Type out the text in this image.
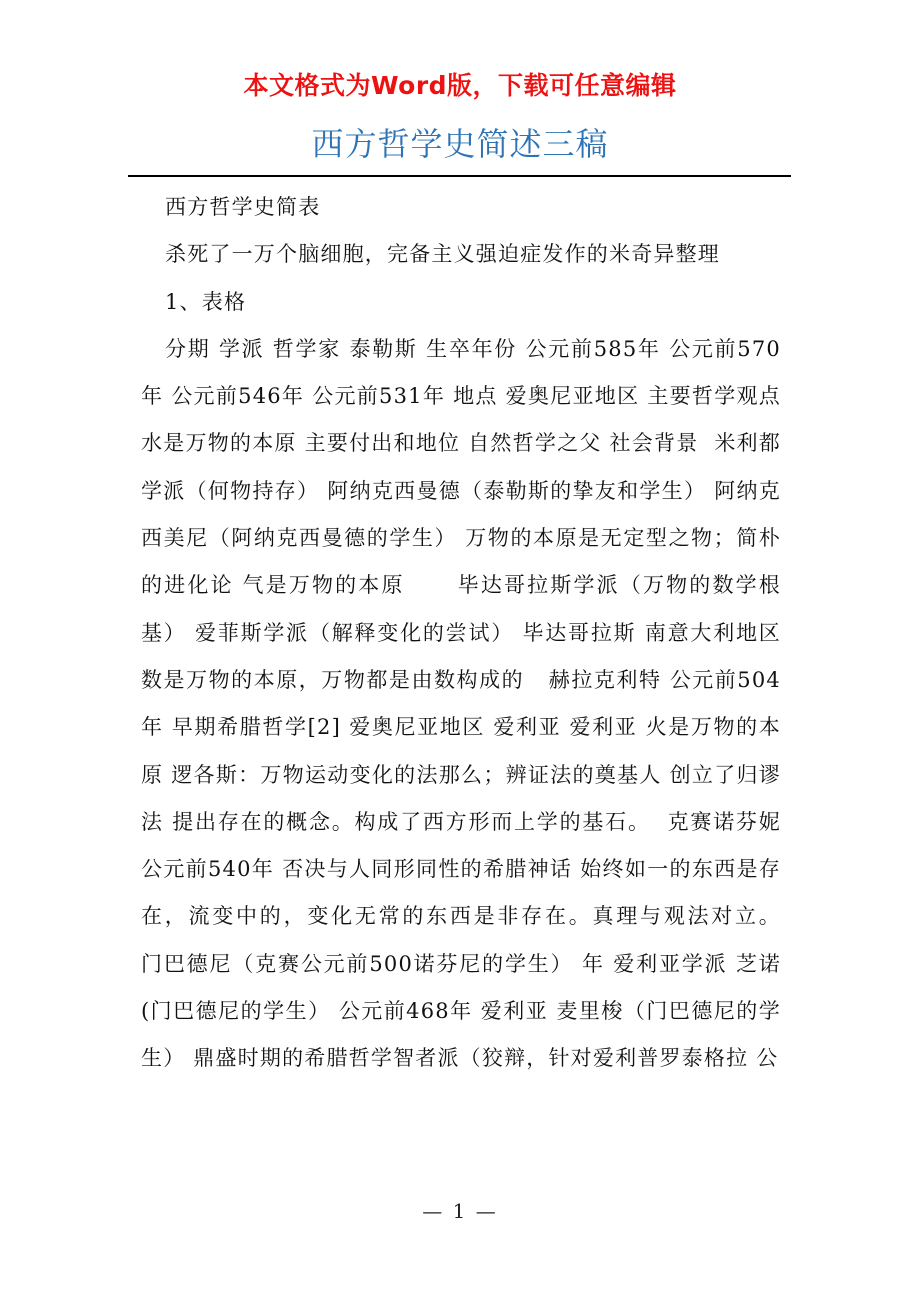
本文格式为Word版，下载可任意编辑
西方哲学史简述三稿

西方哲学史简表

杀死了一万个脑细胞，完备主义强迫症发作的米奇异整理

1、表格

分期 学派 哲学家 泰勒斯 生卒年份 公元前585年 公元前570年 公元前546年 公元前531年 地点 爱奥尼亚地区 主要哲学观点 水是万物的本原 主要付出和地位 自然哲学之父 社会背景  米利都学派（何物持存） 阿纳克西曼德（泰勒斯的挚友和学生） 阿纳克西美尼（阿纳克西曼德的学生） 万物的本原是无定型之物；简朴的进化论 气是万物的本原      毕达哥拉斯学派（万物的数学根基） 爱菲斯学派（解释变化的尝试） 毕达哥拉斯 南意大利地区 数是万物的本原，万物都是由数构成的   赫拉克利特 公元前504年 早期希腊哲学[2] 爱奥尼亚地区 爱利亚 爱利亚 火是万物的本原 逻各斯：万物运动变化的法那么；辨证法的奠基人 创立了归谬法 提出存在的概念。构成了西方形而上学的基石。  克赛诺芬妮 公元前540年 否决与人同形同性的希腊神话 始终如一的东西是存在，流变中的，变化无常的东西是非存在。真理与观法对立。   门巴德尼（克赛公元前500诺芬尼的学生） 年 爱利亚学派 芝诺(门巴德尼的学生） 公元前468年 爱利亚 麦里梭（门巴德尼的学生） 鼎盛时期的希腊哲学智者派（狡辩，针对爱利普罗泰格拉 公

— 1 —
